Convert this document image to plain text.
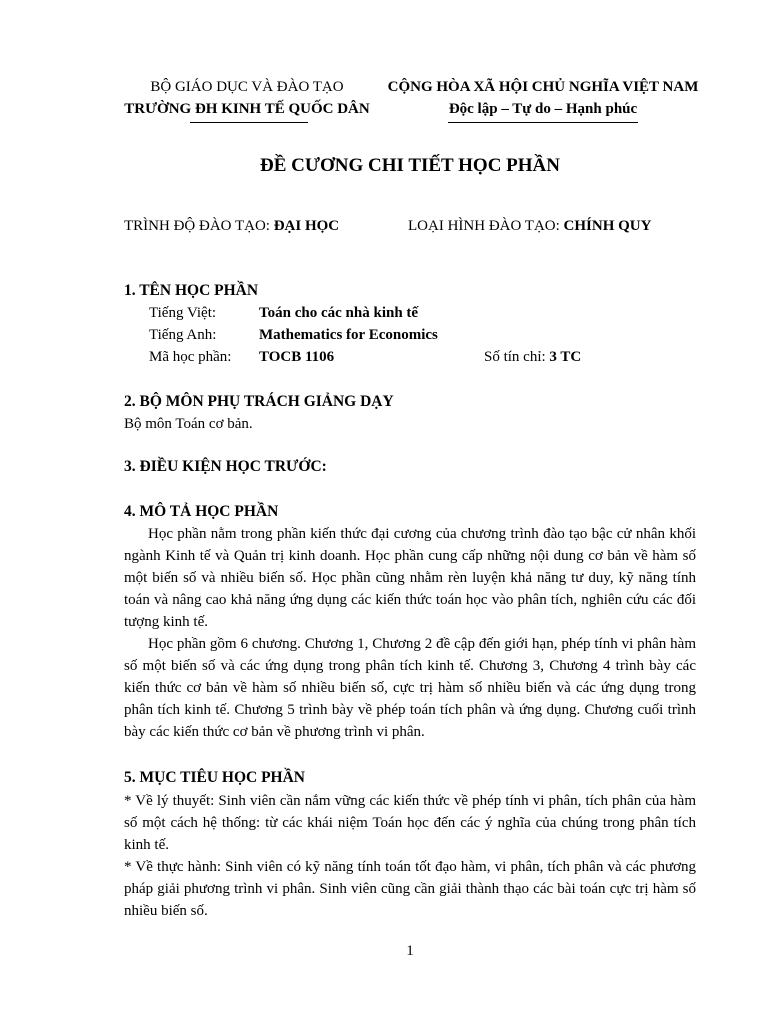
BỘ GIÁO DỤC VÀ ĐÀO TẠO
TRƯỜNG ĐH KINH TẾ QUỐC DÂN
CỘNG HÒA XÃ HỘI CHỦ NGHĨA VIỆT NAM
Độc lập – Tự do – Hạnh phúc
ĐỀ CƯƠNG CHI TIẾT HỌC PHẦN
TRÌNH ĐỘ ĐÀO TẠO: ĐẠI HỌC	LOẠI HÌNH ĐÀO TẠO: CHÍNH QUY
1. TÊN HỌC PHẦN
Tiếng Việt:	Toán cho các nhà kinh tế
Tiếng Anh:	Mathematics for Economics
Mã học phần: TOCB 1106	Số tín chỉ: 3 TC
2. BỘ MÔN PHỤ TRÁCH GIẢNG DẠY
Bộ môn Toán cơ bản.
3. ĐIỀU KIỆN HỌC TRƯỚC:
4. MÔ TẢ HỌC PHẦN
Học phần nằm trong phần kiến thức đại cương của chương trình đào tạo bậc cử nhân khối ngành Kinh tế và Quản trị kinh doanh. Học phần cung cấp những nội dung cơ bản về hàm số một biến số và nhiều biến số. Học phần cũng nhằm rèn luyện khả năng tư duy, kỹ năng tính toán và nâng cao khả năng ứng dụng các kiến thức toán học vào phân tích, nghiên cứu các đối tượng kinh tế.
Học phần gồm 6 chương. Chương 1, Chương 2 đề cập đến giới hạn, phép tính vi phân hàm số một biến số và các ứng dụng trong phân tích kinh tế. Chương 3, Chương 4 trình bày các kiến thức cơ bản về hàm số nhiều biến số, cực trị hàm số nhiều biến và các ứng dụng trong phân tích kinh tế. Chương 5 trình bày về phép toán tích phân và ứng dụng. Chương cuối trình bày các kiến thức cơ bản về phương trình vi phân.
5. MỤC TIÊU HỌC PHẦN
* Về lý thuyết: Sinh viên cần nắm vững các kiến thức về phép tính vi phân, tích phân của hàm số một cách hệ thống: từ các khái niệm Toán học đến các ý nghĩa của chúng trong phân tích kinh tế.
* Về thực hành: Sinh viên có kỹ năng tính toán tốt đạo hàm, vi phân, tích phân và các phương pháp giải phương trình vi phân. Sinh viên cũng cần giải thành thạo các bài toán cực trị hàm số nhiều biến số.
1
